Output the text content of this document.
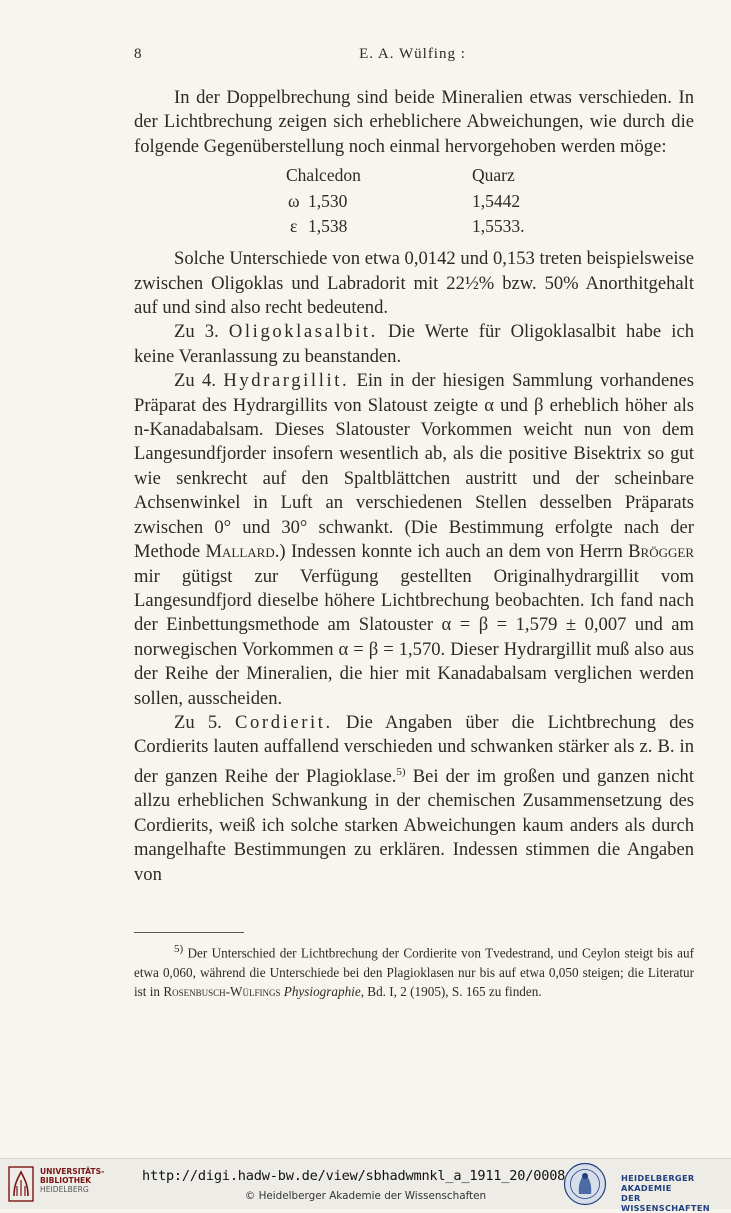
8	E. A. Wülfing :

In der Doppelbrechung sind beide Mineralien etwas verschieden. In der Lichtbrechung zeigen sich erheblichere Abweichungen, wie durch die folgende Gegenüberstellung noch einmal hervorgehoben werden möge:

Chalcedon	Quarz
ω 1,530	1,5442
ε 1,538	1,5533.

Solche Unterschiede von etwa 0,0142 und 0,153 treten beispielsweise zwischen Oligoklas und Labradorit mit 22½% bzw. 50% Anorthitgehalt auf und sind also recht bedeutend.

Zu 3. Oligoklasalbit. Die Werte für Oligoklasalbit habe ich keine Veranlassung zu beanstanden.

Zu 4. Hydrargillit. Ein in der hiesigen Sammlung vorhandenes Präparat des Hydrargillits von Slatoust zeigte α und β erheblich höher als n-Kanadabalsam. Dieses Slatouster Vorkommen weicht nun von dem Langesundfjorder insofern wesentlich ab, als die positive Bisektrix so gut wie senkrecht auf den Spaltblättchen austritt und der scheinbare Achsenwinkel in Luft an verschiedenen Stellen desselben Präparats zwischen 0° und 30° schwankt. (Die Bestimmung erfolgte nach der Methode Mallard.) Indessen konnte ich auch an dem von Herrn Brögger mir gütigst zur Verfügung gestellten Originalhydrargillit vom Langesundfjord dieselbe höhere Lichtbrechung beobachten. Ich fand nach der Einbettungsmethode am Slatouster α = β = 1,579 ± 0,007 und am norwegischen Vorkommen α = β = 1,570. Dieser Hydrargillit muß also aus der Reihe der Mineralien, die hier mit Kanadabalsam verglichen werden sollen, ausscheiden.

Zu 5. Cordierit. Die Angaben über die Lichtbrechung des Cordierits lauten auffallend verschieden und schwanken stärker als z. B. in der ganzen Reihe der Plagioklase.$^{5)}$ Bei der im großen und ganzen nicht allzu erheblichen Schwankung in der chemischen Zusammensetzung des Cordierits, weiß ich solche starken Abweichungen kaum anders als durch mangelhafte Bestimmungen zu erklären. Indessen stimmen die Angaben von

$^{5)}$ Der Unterschied der Lichtbrechung der Cordierite von Tvedestrand, und Ceylon steigt bis auf etwa 0,060, während die Unterschiede bei den Plagioklasen nur bis auf etwa 0,050 steigen; die Literatur ist in Rosenbusch-Wülfings Physiographie, Bd. I, 2 (1905), S. 165 zu finden.

UNIVERSITÄTS-
BIBLIOTHEK
HEIDELBERG
http://digi.hadw-bw.de/view/sbhadwmnkl_a_1911_20/0008
© Heidelberger Akademie der Wissenschaften
HEIDELBERGER AKADEMIE
DER WISSENSCHAFTEN
